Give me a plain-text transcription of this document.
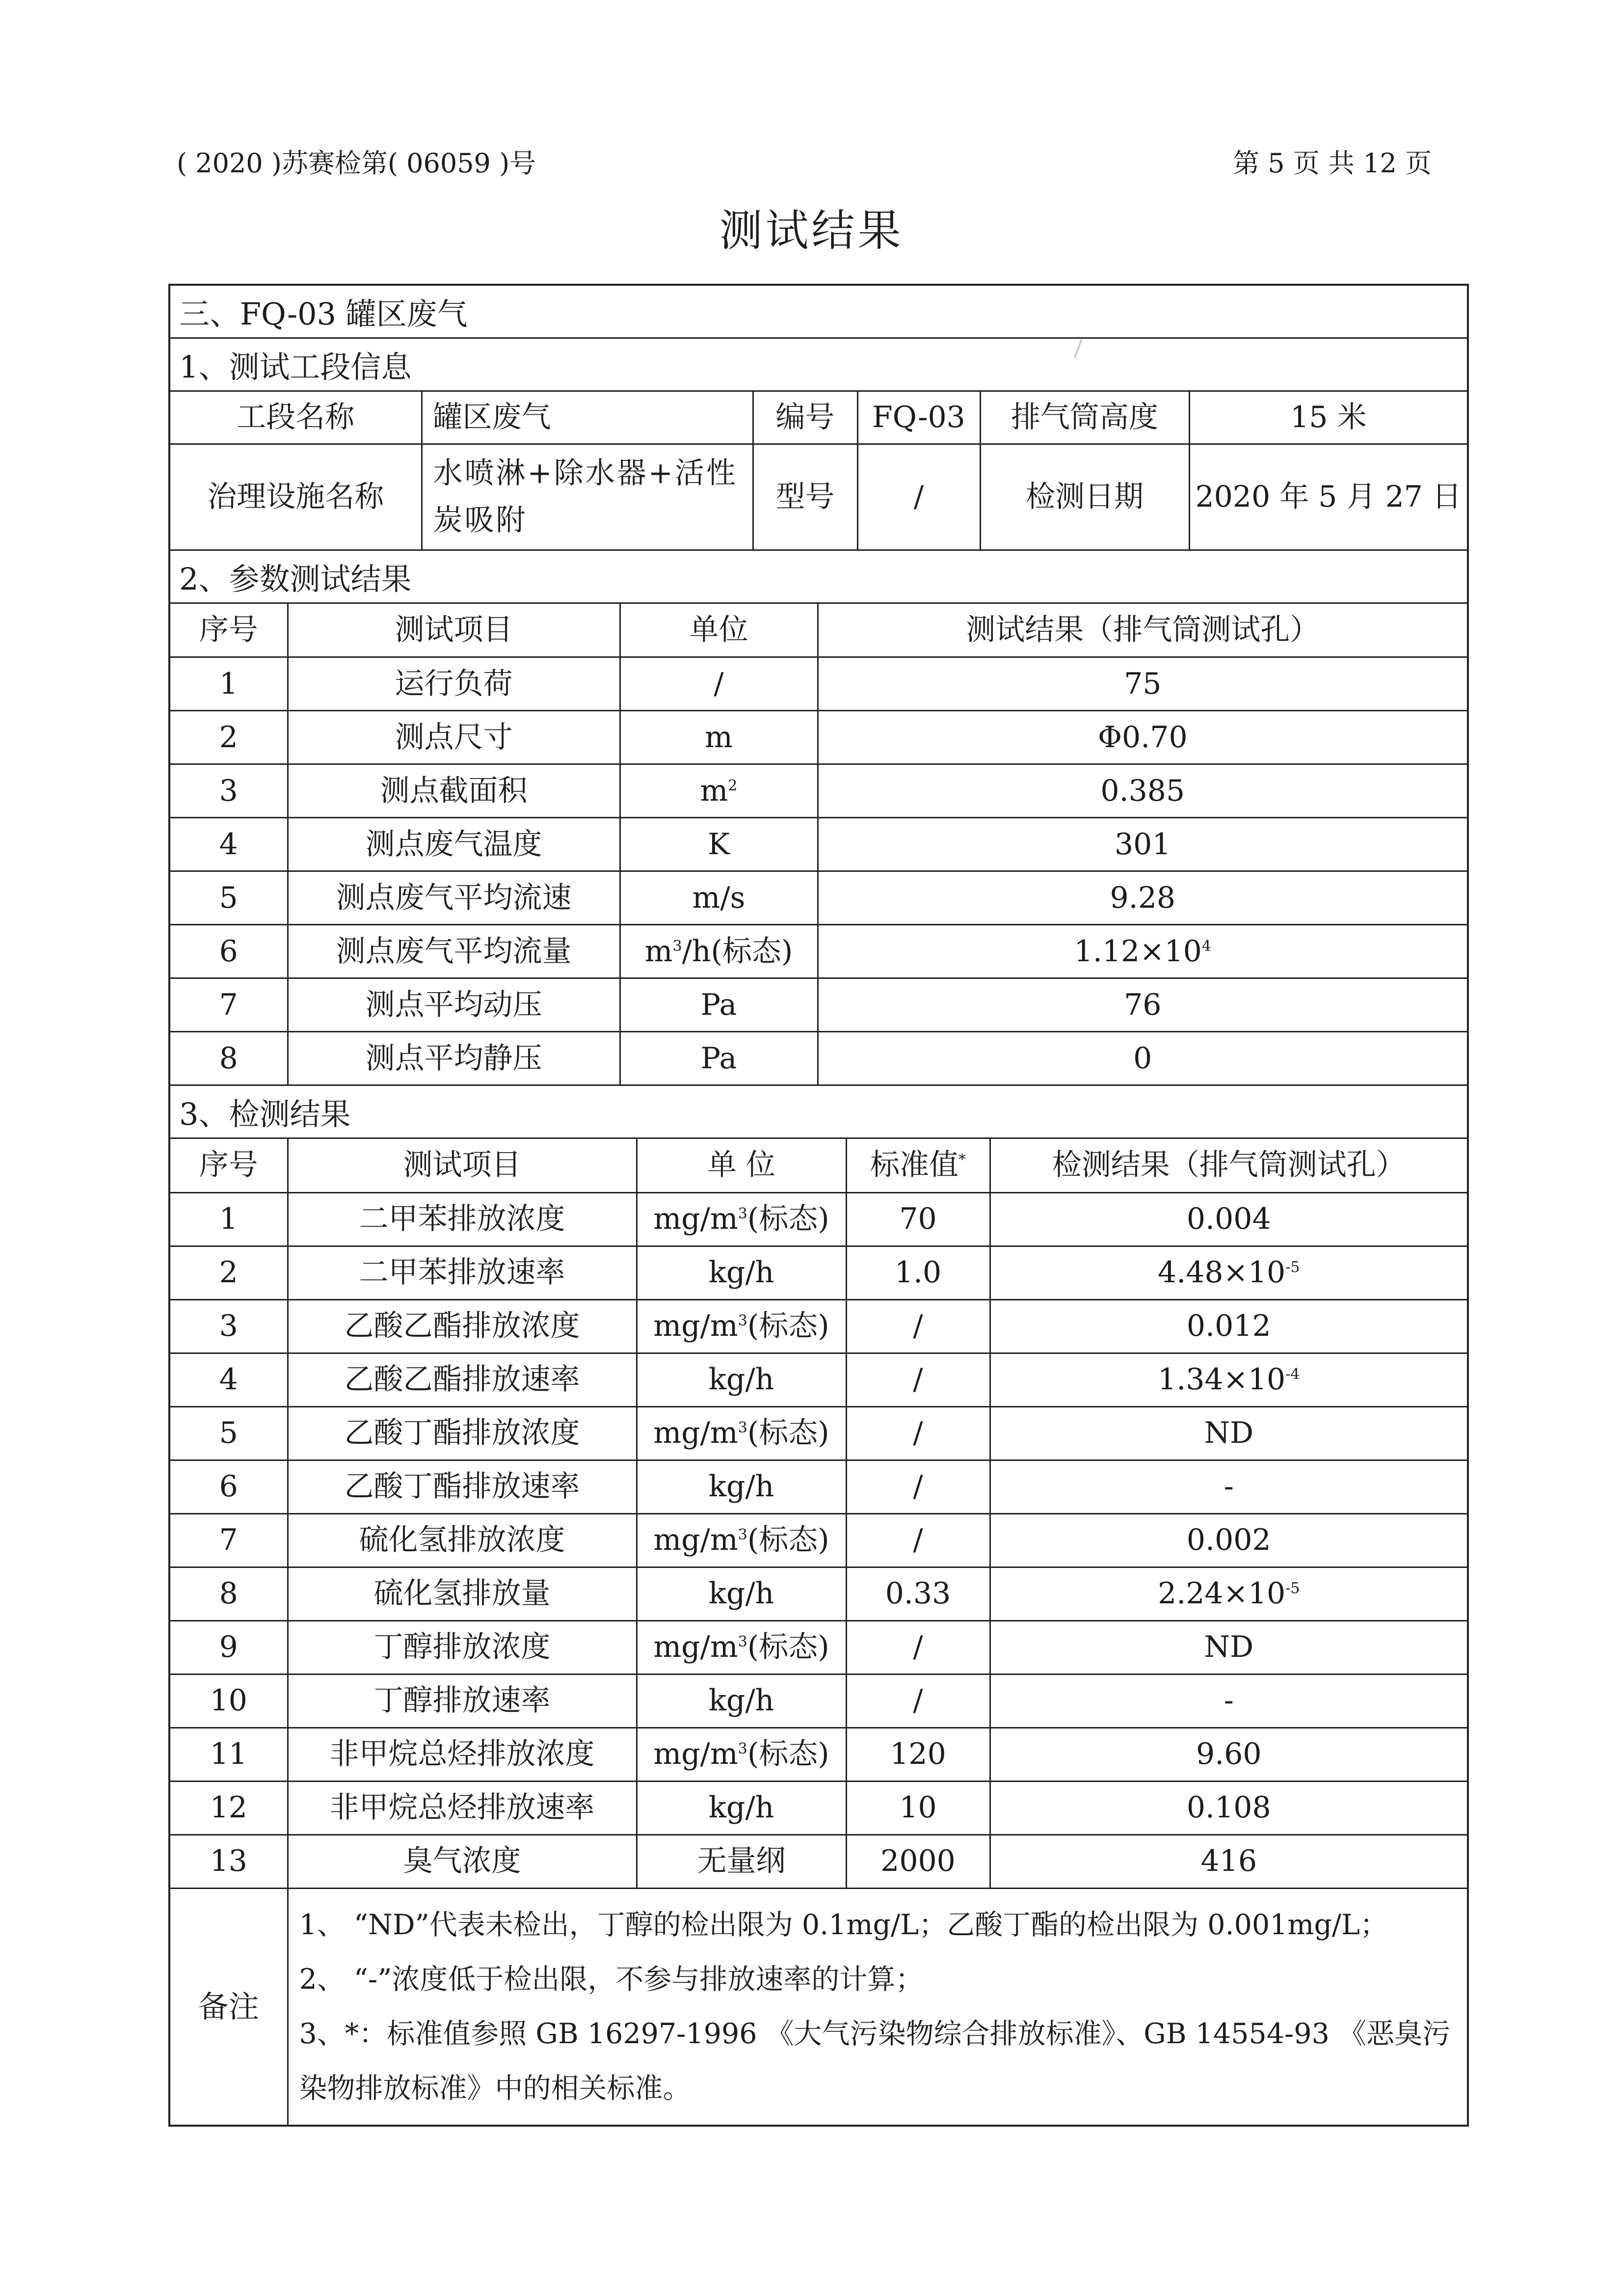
( 2020 )苏赛检第( 06059 )号	第 5 页 共 12 页
测试结果
三、FQ-03 罐区废气
1、测试工段信息
工段名称	罐区废气	编号	FQ-03	排气筒高度	15 米
治理设施名称	水喷淋+除水器+活性炭吸附	型号	/	检测日期	2020 年 5 月 27 日
2、参数测试结果
序号	测试项目	单位	测试结果（排气筒测试孔）
1	运行负荷	/	75
2	测点尺寸	m	Φ0.70
3	测点截面积	$m^2$	0.385
4	测点废气温度	K	301
5	测点废气平均流速	m/s	9.28
6	测点废气平均流量	$m^3/h$(标态)	$1.12\times 10^4$
7	测点平均动压	Pa	76
8	测点平均静压	Pa	0
3、检测结果
序号	测试项目	单 位	标准值*	检测结果（排气筒测试孔）
1	二甲苯排放浓度	$mg/m^3$(标态)	70	0.004
2	二甲苯排放速率	kg/h	1.0	$4.48\times 10^{-5}$
3	乙酸乙酯排放浓度	$mg/m^3$(标态)	/	0.012
4	乙酸乙酯排放速率	kg/h	/	$1.34\times 10^{-4}$
5	乙酸丁酯排放浓度	$mg/m^3$(标态)	/	ND
6	乙酸丁酯排放速率	kg/h	/	-
7	硫化氢排放浓度	$mg/m^3$(标态)	/	0.002
8	硫化氢排放量	kg/h	0.33	$2.24\times 10^{-5}$
9	丁醇排放浓度	$mg/m^3$(标态)	/	ND
10	丁醇排放速率	kg/h	/	-
11	非甲烷总烃排放浓度	$mg/m^3$(标态)	120	9.60
12	非甲烷总烃排放速率	kg/h	10	0.108
13	臭气浓度	无量纲	2000	416
备注	
1、 “ND”代表未检出，丁醇的检出限为 0.1mg/L；乙酸丁酯的检出限为 0.001mg/L；
2、 “-”浓度低于检出限，不参与排放速率的计算；
3、*：标准值参照 GB 16297-1996 《大气污染物综合排放标准》、GB 14554-93 《恶臭污染物排放标准》中的相关标准。
